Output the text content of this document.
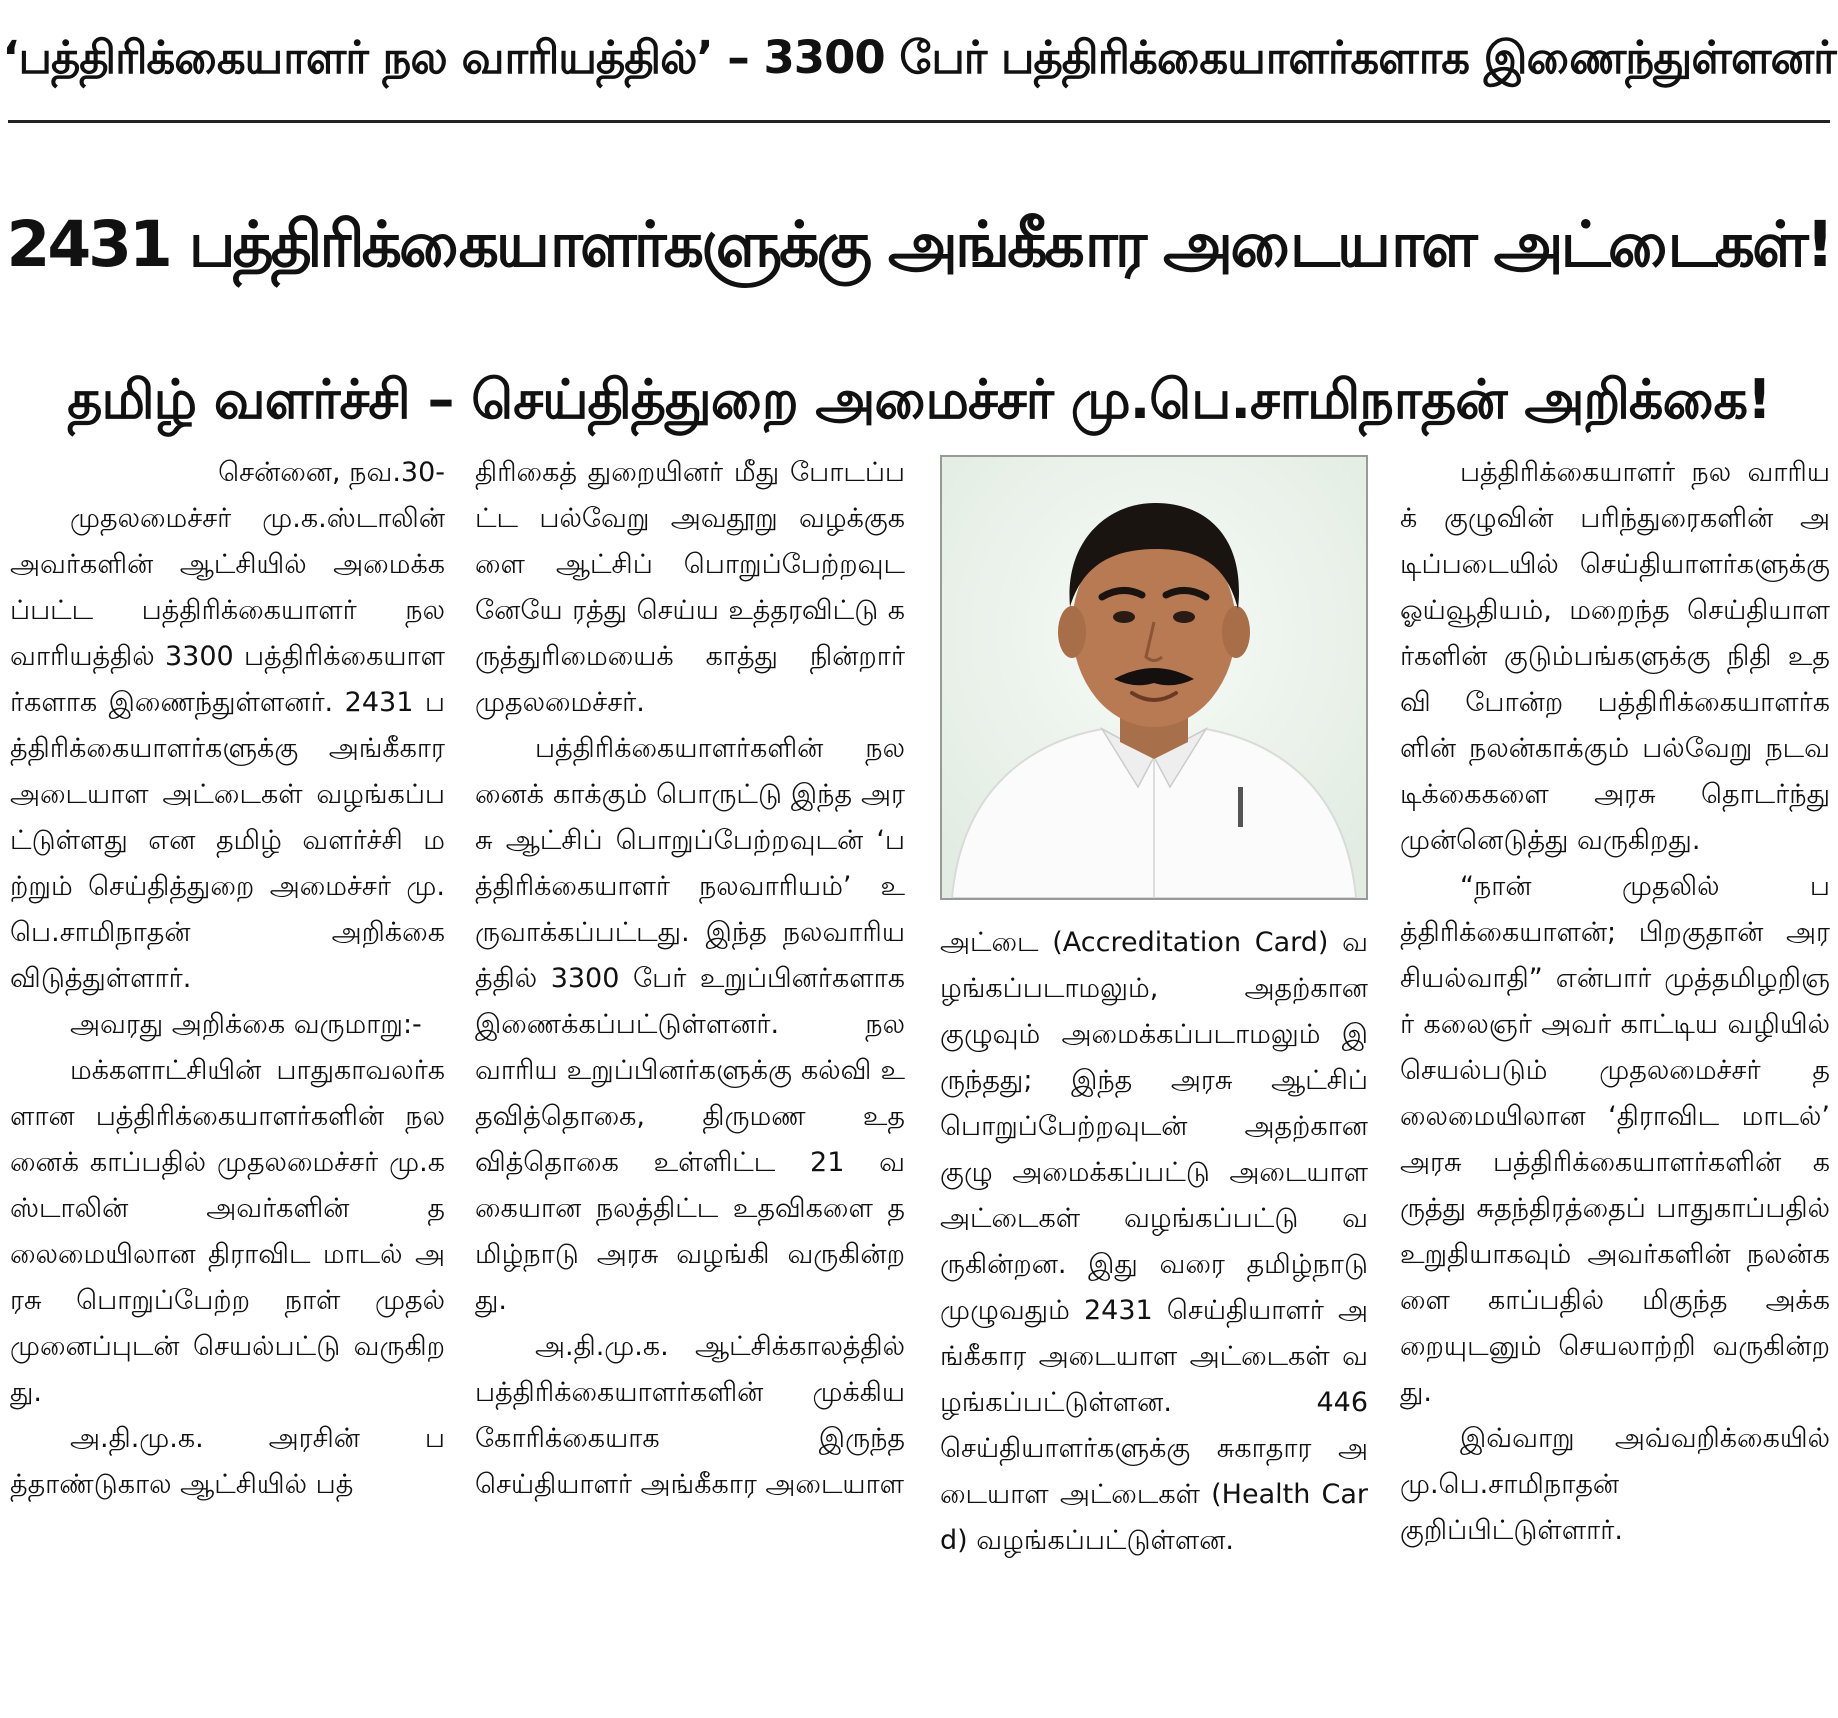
‘பத்திரிக்கையாளர் நல வாரியத்தில்’ – 3300 பேர் பத்திரிக்கையாளர்களாக இணைந்துள்ளனர்
2431 பத்திரிக்கையாளர்களுக்கு அங்கீகார அடையாள அட்டைகள்!
தமிழ் வளர்ச்சி – செய்தித்துறை அமைச்சர் மு.பெ.சாமிநாதன் அறிக்கை!

சென்னை, நவ.30-

முதலமைச்சர் மு.க.ஸ்டாலின் அவர்களின் ஆட்சியில் அமைக்கப்பட்ட பத்திரிக்கையாளர் நலவாரியத்தில் 3300 பத்திரிக்கையாளர்களாக இணைந்துள்ளனர். 2431 பத்திரிக்கையாளர்களுக்கு அங்கீகார அடையாள அட்டைகள் வழங்கப்பட்டுள்ளது என தமிழ் வளர்ச்சி மற்றும் செய்தித்துறை அமைச்சர் மு.பெ.சாமிநாதன் அறிக்கை விடுத்துள்ளார்.

அவரது அறிக்கை வருமாறு:-

மக்களாட்சியின் பாதுகாவலர்களான பத்திரிக்கையாளர்களின் நலனைக் காப்பதில் முதலமைச்சர் மு.க ஸ்டாலின் அவர்களின் தலைமையிலான திராவிட மாடல் அரசு பொறுப்பேற்ற நாள் முதல் முனைப்புடன் செயல்பட்டு வருகிறது.

அ.தி.மு.க. அரசின் பத்தாண்டுகால ஆட்சியில் பத்

திரிகைத் துறையினர் மீது போடப்பட்ட பல்வேறு அவதூறு வழக்குகளை ஆட்சிப் பொறுப்பேற்றவுடனேயே ரத்து செய்ய உத்தரவிட்டு கருத்துரிமையைக் காத்து நின்றார் முதலமைச்சர்.

பத்திரிக்கையாளர்களின் நலனைக் காக்கும் பொருட்டு இந்த அரசு ஆட்சிப் பொறுப்பேற்றவுடன் ‘பத்திரிக்கையாளர் நலவாரியம்’ உருவாக்கப்பட்டது. இந்த நலவாரியத்தில் 3300 பேர் உறுப்பினர்களாக இணைக்கப்பட்டுள்ளனர். நலவாரிய உறுப்பினர்களுக்கு கல்வி உதவித்தொகை, திருமண உதவித்தொகை உள்ளிட்ட 21 வகையான நலத்திட்ட உதவிகளை தமிழ்நாடு அரசு வழங்கி வருகின்றது.

அ.தி.மு.க. ஆட்சிக்காலத்தில் பத்திரிக்கையாளர்களின் முக்கிய கோரிக்கையாக இருந்த செய்தியாளர் அங்கீகார அடையாள

அட்டை (Accreditation Card) வழங்கப்படாமலும், அதற்கான குழுவும் அமைக்கப்படாமலும் இருந்தது; இந்த அரசு ஆட்சிப் பொறுப்பேற்றவுடன் அதற்கான குழு அமைக்கப்பட்டு அடையாள அட்டைகள் வழங்கப்பட்டு வருகின்றன. இது வரை தமிழ்நாடு முழுவதும் 2431 செய்தியாளர் அங்கீகார அடையாள அட்டைகள் வழங்கப்பட்டுள்ளன. 446 செய்தியாளர்களுக்கு சுகாதார அடையாள அட்டைகள் (Health Card) வழங்கப்பட்டுள்ளன.

பத்திரிக்கையாளர் நல வாரியக் குழுவின் பரிந்துரைகளின் அடிப்படையில் செய்தியாளர்களுக்கு ஓய்வூதியம், மறைந்த செய்தியாளர்களின் குடும்பங்களுக்கு நிதி உதவி போன்ற பத்திரிக்கையாளர்களின் நலன்காக்கும் பல்வேறு நடவடிக்கைகளை அரசு தொடர்ந்து முன்னெடுத்து வருகிறது.

“நான் முதலில் பத்திரிக்கையாளன்; பிறகுதான் அரசியல்வாதி” என்பார் முத்தமிழறிஞர் கலைஞர் அவர் காட்டிய வழியில் செயல்படும் முதலமைச்சர் தலைமையிலான ‘திராவிட மாடல்’ அரசு பத்திரிக்கையாளர்களின் கருத்து சுதந்திரத்தைப் பாதுகாப்பதில் உறுதியாகவும் அவர்களின் நலன்களை காப்பதில் மிகுந்த அக்கறையுடனும் செயலாற்றி வருகின்றது.

இவ்வாறு அவ்வறிக்கையில் மு.பெ.சாமிநாதன் குறிப்பிட்டுள்ளார்.
